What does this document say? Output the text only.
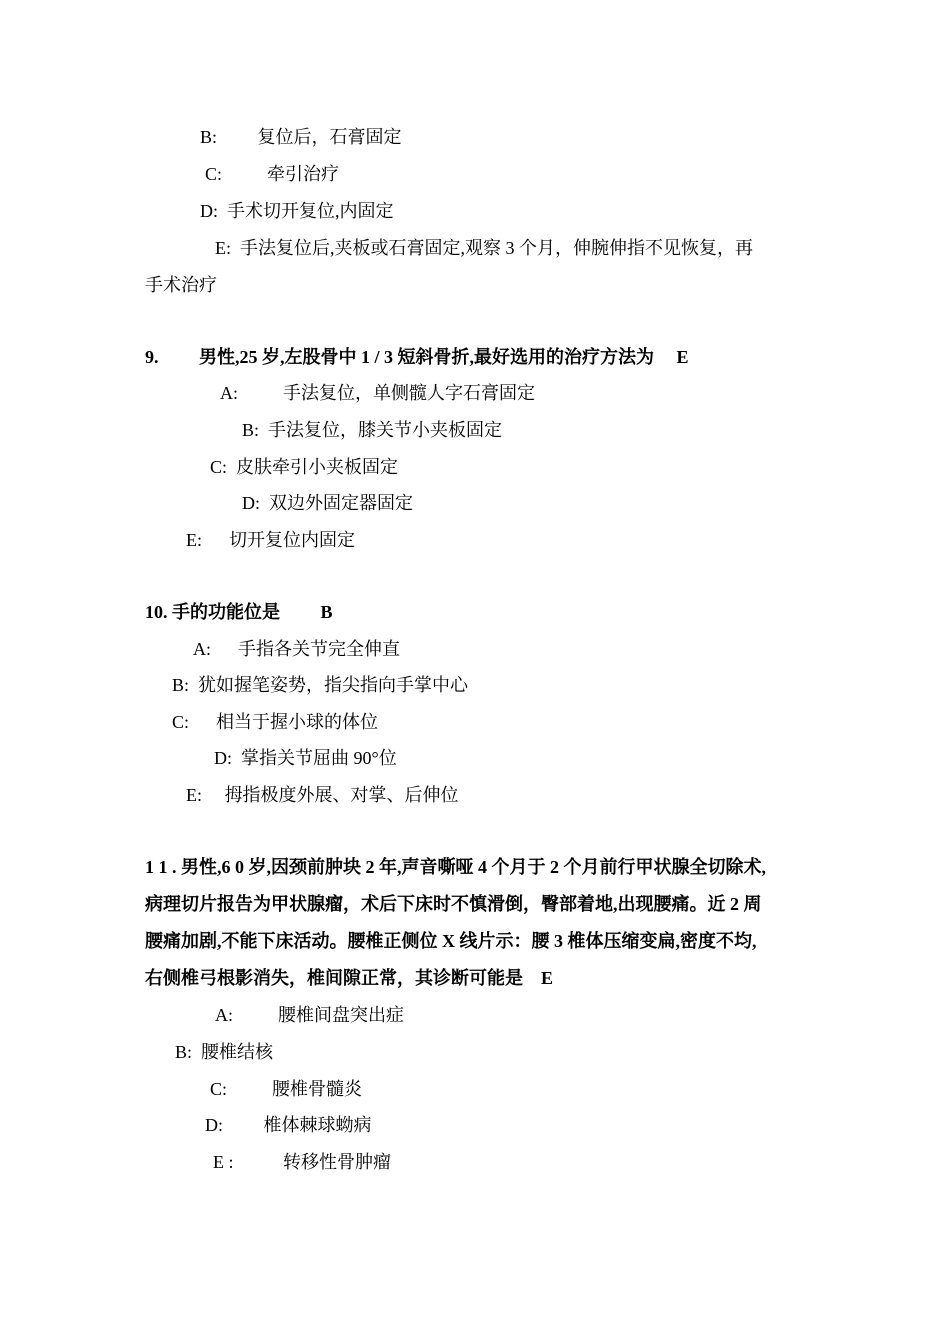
B:　 　复位后，石膏固定
C:　 　 牵引治疗
D:  手术切开复位,内固定
E:  手法复位后,夹板或石膏固定,观察 3 个月，伸腕伸指不见恢复，再
手术治疗
9.　 　男性,25 岁,左股骨中 1 / 3 短斜骨折,最好选用的治疗方法为　 E
A:　 　 手法复位，单侧髋人字石膏固定
B:  手法复位，膝关节小夹板固定
C:  皮肤牵引小夹板固定
D:  双边外固定器固定
E:　  切开复位内固定
10. 手的功能位是　 　B
A:　  手指各关节完全伸直
B:  犹如握笔姿势，指尖指向手掌中心
C:　  相当于握小球的体位
D:  掌指关节屈曲 90°位
E:　 拇指极度外展、对掌、后伸位
1 1 . 男性,6 0 岁,因颈前肿块 2 年,声音嘶哑 4 个月于 2 个月前行甲状腺全切除术,
病理切片报告为甲状腺瘤，术后下床时不慎滑倒，臀部着地,出现腰痛。近 2 周
腰痛加剧,不能下床活动。腰椎正侧位 X 线片示：腰 3 椎体压缩变扁,密度不均,
右侧椎弓根影消失，椎间隙正常，其诊断可能是　E
A:　 　 腰椎间盘突出症
B:  腰椎结核
C:　 　 腰椎骨髓炎
D:　 　椎体棘球蚴病
E :　 　  转移性骨肿瘤
